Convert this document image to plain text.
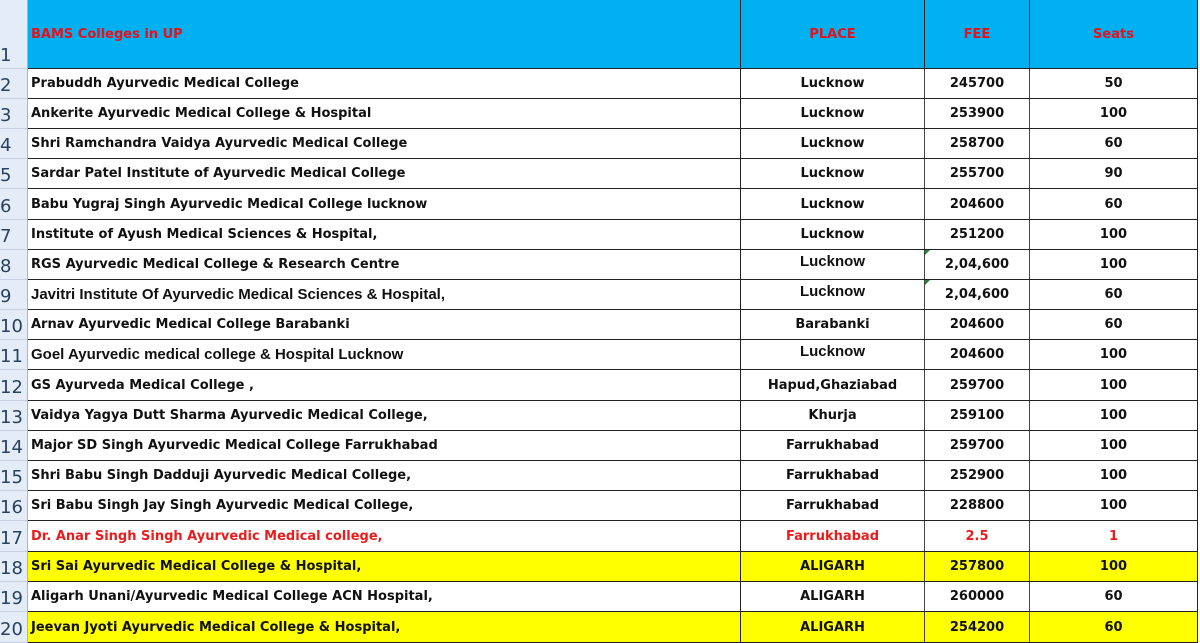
1
2
3
4
5
6
7
8
9
10
11
12
13
14
15
16
17
18
19
20
BAMS Colleges in UP	PLACE	FEE	Seats
Prabuddh Ayurvedic Medical College	Lucknow	245700	50
Ankerite Ayurvedic Medical College & Hospital	Lucknow	253900	100
Shri Ramchandra Vaidya Ayurvedic Medical College	Lucknow	258700	60
Sardar Patel Institute of Ayurvedic Medical College	Lucknow	255700	90
Babu Yugraj Singh Ayurvedic Medical College lucknow	Lucknow	204600	60
Institute of Ayush Medical Sciences & Hospital,	Lucknow	251200	100
RGS Ayurvedic Medical College & Research Centre	Lucknow	2,04,600	100
Javitri Institute Of Ayurvedic Medical Sciences & Hospital,	Lucknow	2,04,600	60
Arnav Ayurvedic Medical College Barabanki	Barabanki	204600	60
Goel Ayurvedic medical college & Hospital Lucknow	Lucknow	204600	100
GS Ayurveda Medical College ,	Hapud,Ghaziabad	259700	100
Vaidya Yagya Dutt Sharma Ayurvedic Medical College,	Khurja	259100	100
Major SD Singh Ayurvedic Medical College Farrukhabad	Farrukhabad	259700	100
Shri Babu Singh Dadduji Ayurvedic Medical College,	Farrukhabad	252900	100
Sri Babu Singh Jay Singh Ayurvedic Medical College,	Farrukhabad	228800	100
Dr. Anar Singh Singh Ayurvedic Medical college,	Farrukhabad	2.5	1
Sri Sai Ayurvedic Medical College & Hospital,	ALIGARH	257800	100
Aligarh Unani/Ayurvedic Medical College ACN Hospital,	ALIGARH	260000	60
Jeevan Jyoti Ayurvedic Medical College & Hospital,	ALIGARH	254200	60
